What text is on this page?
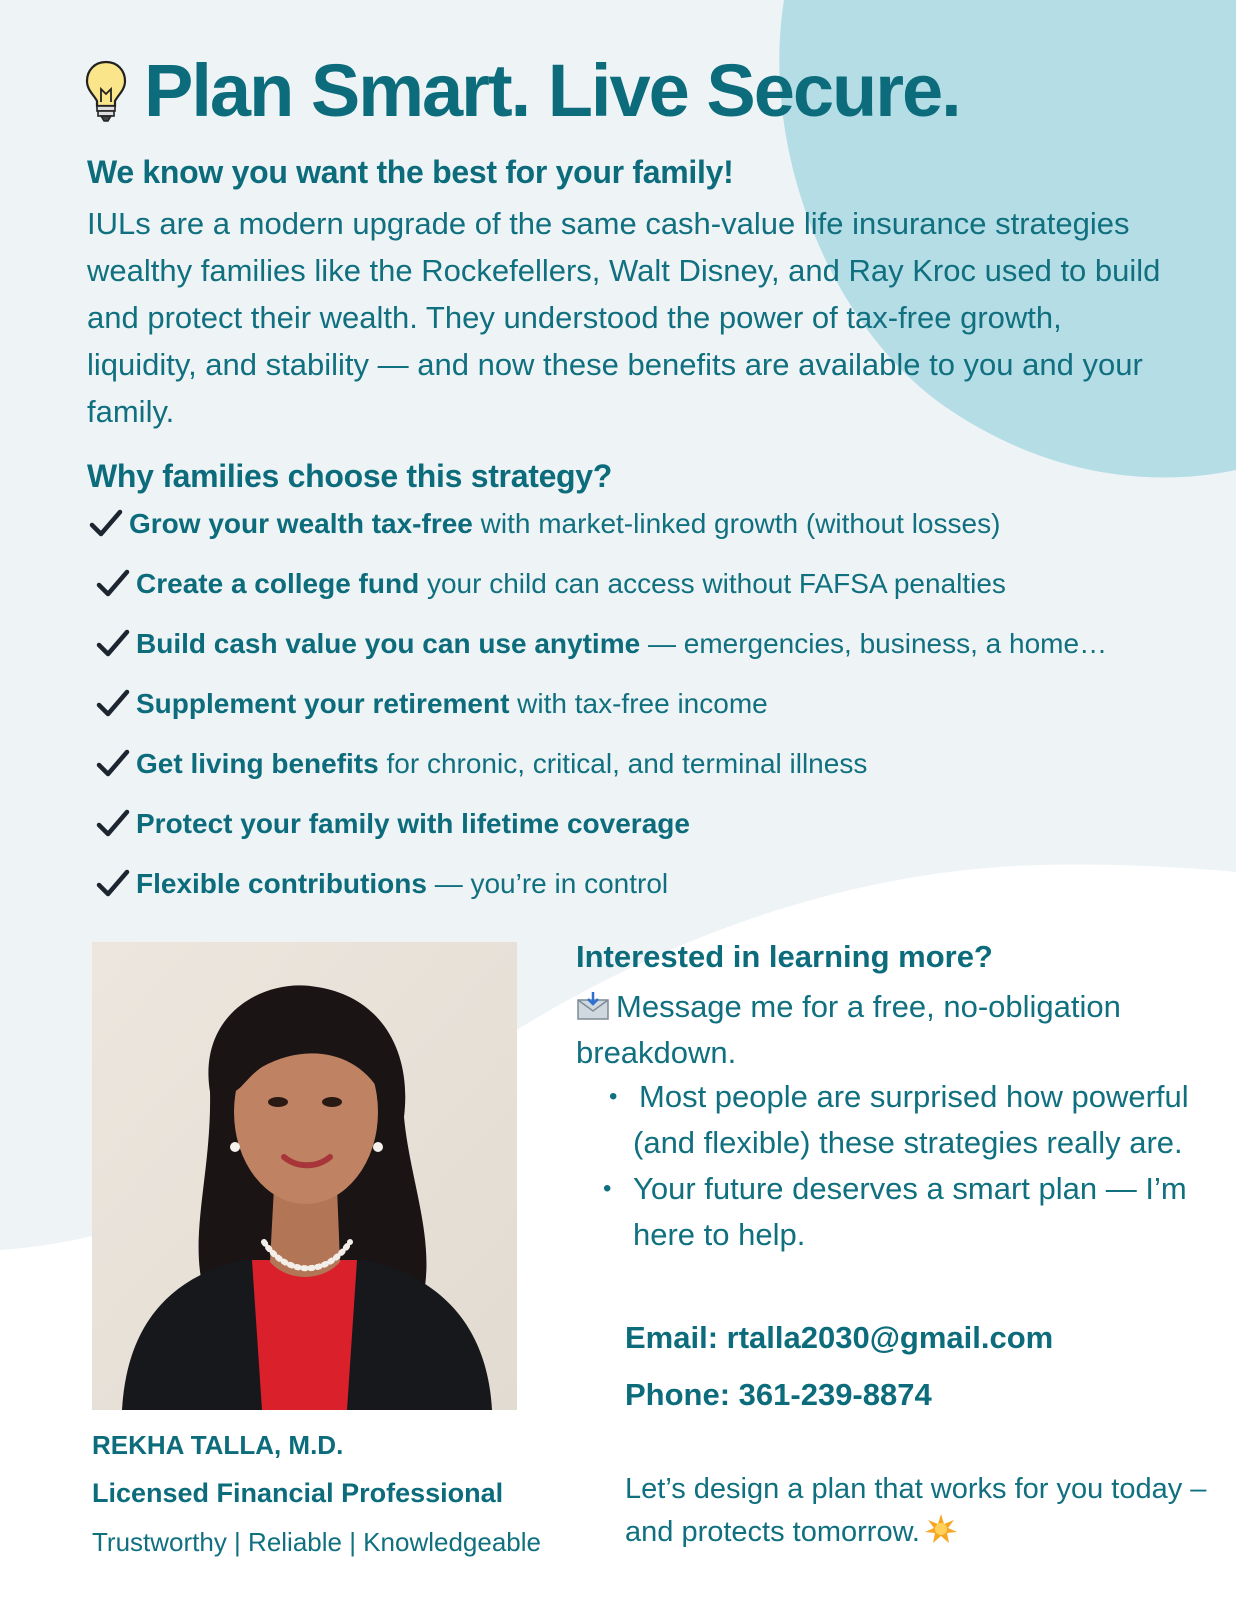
Plan Smart. Live Secure.
We know you want the best for your family!

IULs are a modern upgrade of the same cash-value life insurance strategies wealthy families like the Rockefellers, Walt Disney, and Ray Kroc used to build and protect their wealth. They understood the power of tax-free growth, liquidity, and stability — and now these benefits are available to you and your family.

Why families choose this strategy?
Grow your wealth tax-free with market-linked growth (without losses)
Create a college fund your child can access without FAFSA penalties
Build cash value you can use anytime — emergencies, business, a home…
Supplement your retirement with tax-free income
Get living benefits for chronic, critical, and terminal illness
Protect your family with lifetime coverage
Flexible contributions — you’re in control
REKHA TALLA, M.D.
Licensed Financial Professional
Trustworthy | Reliable | Knowledgeable
Interested in learning more?

Message me for a free, no-obligation breakdown.

• Most people are surprised how powerful (and flexible) these strategies really are.
• Your future deserves a smart plan — I’m here to help.
Email: rtalla2030@gmail.com
Phone: 361-239-8874

Let’s design a plan that works for you today – and protects tomorrow.
